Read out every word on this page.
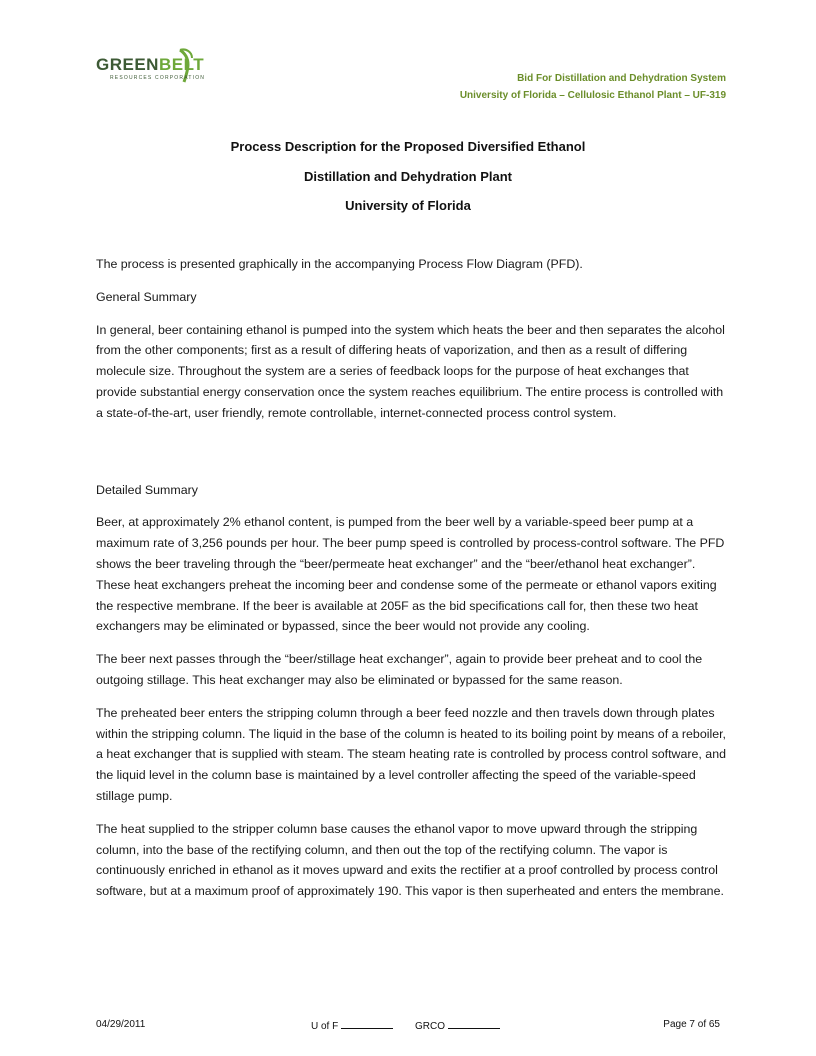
GREENBELT
RESOURCES CORPORATION	Bid For Distillation and Dehydration System
University of Florida – Cellulosic Ethanol Plant – UF-319
Process Description for the Proposed Diversified Ethanol
Distillation and Dehydration Plant
University of Florida

The process is presented graphically in the accompanying Process Flow Diagram (PFD).

General Summary

In general, beer containing ethanol is pumped into the system which heats the beer and then separates the alcohol from the other components; first as a result of differing heats of vaporization, and then as a result of differing molecule size. Throughout the system are a series of feedback loops for the purpose of heat exchanges that provide substantial energy conservation once the system reaches equilibrium. The entire process is controlled with a state-of-the-art, user friendly, remote controllable, internet-connected process control system.

Detailed Summary

Beer, at approximately 2% ethanol content, is pumped from the beer well by a variable-speed beer pump at a maximum rate of 3,256 pounds per hour. The beer pump speed is controlled by process-control software. The PFD shows the beer traveling through the “beer/permeate heat exchanger” and the “beer/ethanol heat exchanger”. These heat exchangers preheat the incoming beer and condense some of the permeate or ethanol vapors exiting the respective membrane. If the beer is available at 205F as the bid specifications call for, then these two heat exchangers may be eliminated or bypassed, since the beer would not provide any cooling.

The beer next passes through the “beer/stillage heat exchanger”, again to provide beer preheat and to cool the outgoing stillage. This heat exchanger may also be eliminated or bypassed for the same reason.

The preheated beer enters the stripping column through a beer feed nozzle and then travels down through plates within the stripping column. The liquid in the base of the column is heated to its boiling point by means of a reboiler, a heat exchanger that is supplied with steam. The steam heating rate is controlled by process control software, and the liquid level in the column base is maintained by a level controller affecting the speed of the variable-speed stillage pump.

The heat supplied to the stripper column base causes the ethanol vapor to move upward through the stripping column, into the base of the rectifying column, and then out the top of the rectifying column. The vapor is continuously enriched in ethanol as it moves upward and exits the rectifier at a proof controlled by process control software, but at a maximum proof of approximately 190. This vapor is then superheated and enters the membrane.

04/29/2011	U of F	GRCO	Page 7 of 65
